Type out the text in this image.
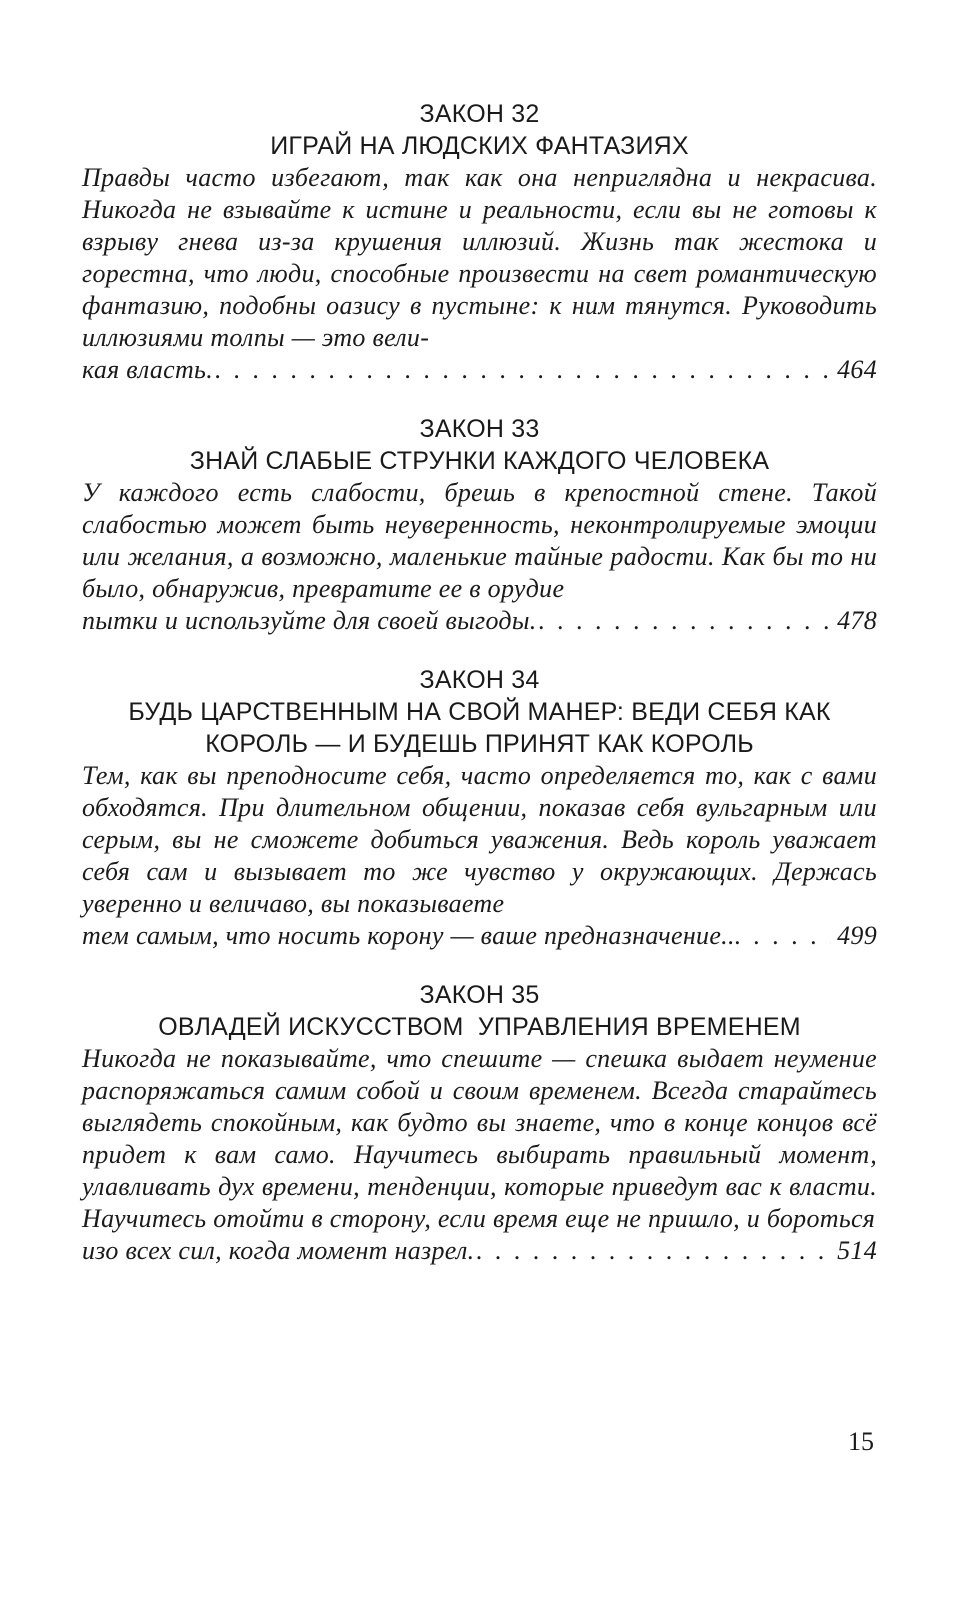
ЗАКОН 32
ИГРАЙ НА ЛЮДСКИХ ФАНТАЗИЯХ

Правды часто избегают, так как она неприглядна и некрасива. Никогда не взывайте к истине и реальности, если вы не готовы к взрыву гнева из-за крушения иллюзий. Жизнь так жестока и горестна, что люди, способные произвести на свет романтическую фантазию, подобны оазису в пустыне: к ним тянутся. Руководить иллюзиями толпы — это вели-

кая власть. . . .	464
ЗАКОН 33
ЗНАЙ СЛАБЫЕ СТРУНКИ КАЖДОГО ЧЕЛОВЕКА

У каждого есть слабости, брешь в крепостной стене. Такой слабостью может быть неуверенность, неконтролируемые эмоции или желания, а возможно, маленькие тайные радости. Как бы то ни было, обнаружив, превратите ее в орудие

пытки и используйте для своей выгоды. . . .	478
ЗАКОН 34
БУДЬ ЦАРСТВЕННЫМ НА СВОЙ МАНЕР: ВЕДИ СЕБЯ КАК КОРОЛЬ — И БУДЕШЬ ПРИНЯТ КАК КОРОЛЬ

Тем, как вы преподносите себя, часто определяется то, как с вами обходятся. При длительном общении, показав себя вульгарным или серым, вы не сможете добиться уважения. Ведь король уважает себя сам и вызывает то же чувство у окружающих. Держась уверенно и величаво, вы показываете

тем самым, что носить корону — ваше предназначение.. . . .	499
ЗАКОН 35
ОВЛАДЕЙ ИСКУССТВОМ  УПРАВЛЕНИЯ ВРЕМЕНЕМ

Никогда не показывайте, что спешите — спешка выдает неумение распоряжаться самим собой и своим временем. Всегда старайтесь выглядеть спокойным, как будто вы знаете, что в конце концов всё придет к вам само. Научитесь выбирать правильный момент, улавливать дух времени, тенденции, которые приведут вас к власти. Научитесь отойти в сторону, если время еще не пришло, и бороться

изо всех сил, когда момент назрел. . . .	514
15
